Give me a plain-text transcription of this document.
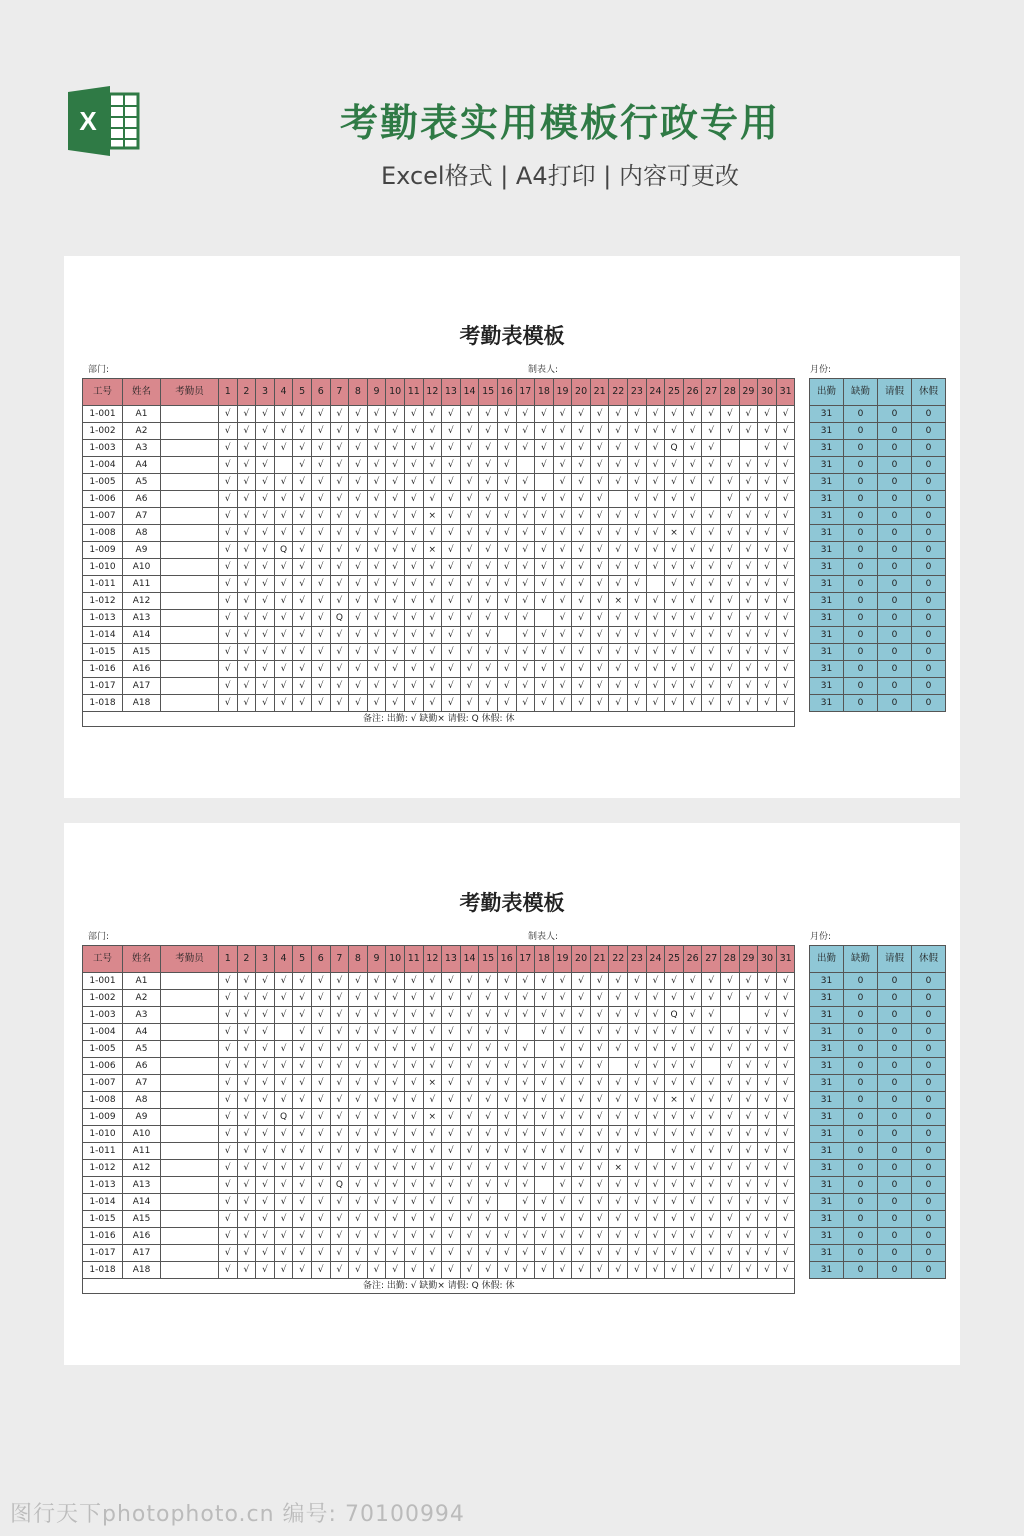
X	考勤表实用模板行政专用
Excel格式 | A4打印 | 内容可更改
考勤表模板
部门:	制表人:	月份:
工号	姓名	考勤员	1	2	3	4	5	6	7	8	9	10	11	12	13	14	15	16	17	18	19	20	21	22	23	24	25	26	27	28	29	30	31
1-001	A1		√	√	√	√	√	√	√	√	√	√	√	√	√	√	√	√	√	√	√	√	√	√	√	√	√	√	√	√	√	√	√
1-002	A2		√	√	√	√	√	√	√	√	√	√	√	√	√	√	√	√	√	√	√	√	√	√	√	√	√	√	√	√	√	√	√
1-003	A3		√	√	√	√	√	√	√	√	√	√	√	√	√	√	√	√	√	√	√	√	√	√	√	√	Q	√	√			√	√
1-004	A4		√	√	√		√	√	√	√	√	√	√	√	√	√	√	√		√	√	√	√	√	√	√	√	√	√	√	√	√	√
1-005	A5		√	√	√	√	√	√	√	√	√	√	√	√	√	√	√	√	√		√	√	√	√	√	√	√	√	√	√	√	√	√
1-006	A6		√	√	√	√	√	√	√	√	√	√	√	√	√	√	√	√	√	√	√	√	√		√	√	√	√		√	√	√	√
1-007	A7		√	√	√	√	√	√	√	√	√	√	√	×	√	√	√	√	√	√	√	√	√	√	√	√	√	√	√	√	√	√	√
1-008	A8		√	√	√	√	√	√	√	√	√	√	√	√	√	√	√	√	√	√	√	√	√	√	√	√	×	√	√	√	√	√	√
1-009	A9		√	√	√	Q	√	√	√	√	√	√	√	×	√	√	√	√	√	√	√	√	√	√	√	√	√	√	√	√	√	√	√
1-010	A10		√	√	√	√	√	√	√	√	√	√	√	√	√	√	√	√	√	√	√	√	√	√	√	√	√	√	√	√	√	√	√
1-011	A11		√	√	√	√	√	√	√	√	√	√	√	√	√	√	√	√	√	√	√	√	√	√	√		√	√	√	√	√	√	√
1-012	A12		√	√	√	√	√	√	√	√	√	√	√	√	√	√	√	√	√	√	√	√	√	×	√	√	√	√	√	√	√	√	√
1-013	A13		√	√	√	√	√	√	Q	√	√	√	√	√	√	√	√	√	√		√	√	√	√	√	√	√	√	√	√	√	√	√
1-014	A14		√	√	√	√	√	√	√	√	√	√	√	√	√	√	√		√	√	√	√	√	√	√	√	√	√	√	√	√	√	√
1-015	A15		√	√	√	√	√	√	√	√	√	√	√	√	√	√	√	√	√	√	√	√	√	√	√	√	√	√	√	√	√	√	√
1-016	A16		√	√	√	√	√	√	√	√	√	√	√	√	√	√	√	√	√	√	√	√	√	√	√	√	√	√	√	√	√	√	√
1-017	A17		√	√	√	√	√	√	√	√	√	√	√	√	√	√	√	√	√	√	√	√	√	√	√	√	√	√	√	√	√	√	√
1-018	A18		√	√	√	√	√	√	√	√	√	√	√	√	√	√	√	√	√	√	√	√	√	√	√	√	√	√	√	√	√	√	√
备注: 出勤: √ 缺勤× 请假: Q 休假: 休																																	
出勤	缺勤	请假	休假
31	0	0	0
31	0	0	0
31	0	0	0
31	0	0	0
31	0	0	0
31	0	0	0
31	0	0	0
31	0	0	0
31	0	0	0
31	0	0	0
31	0	0	0
31	0	0	0
31	0	0	0
31	0	0	0
31	0	0	0
31	0	0	0
31	0	0	0
31	0	0	0
考勤表模板
部门:	制表人:	月份:
工号	姓名	考勤员	1	2	3	4	5	6	7	8	9	10	11	12	13	14	15	16	17	18	19	20	21	22	23	24	25	26	27	28	29	30	31
1-001	A1		√	√	√	√	√	√	√	√	√	√	√	√	√	√	√	√	√	√	√	√	√	√	√	√	√	√	√	√	√	√	√
1-002	A2		√	√	√	√	√	√	√	√	√	√	√	√	√	√	√	√	√	√	√	√	√	√	√	√	√	√	√	√	√	√	√
1-003	A3		√	√	√	√	√	√	√	√	√	√	√	√	√	√	√	√	√	√	√	√	√	√	√	√	Q	√	√			√	√
1-004	A4		√	√	√		√	√	√	√	√	√	√	√	√	√	√	√		√	√	√	√	√	√	√	√	√	√	√	√	√	√
1-005	A5		√	√	√	√	√	√	√	√	√	√	√	√	√	√	√	√	√		√	√	√	√	√	√	√	√	√	√	√	√	√
1-006	A6		√	√	√	√	√	√	√	√	√	√	√	√	√	√	√	√	√	√	√	√	√		√	√	√	√		√	√	√	√
1-007	A7		√	√	√	√	√	√	√	√	√	√	√	×	√	√	√	√	√	√	√	√	√	√	√	√	√	√	√	√	√	√	√
1-008	A8		√	√	√	√	√	√	√	√	√	√	√	√	√	√	√	√	√	√	√	√	√	√	√	√	×	√	√	√	√	√	√
1-009	A9		√	√	√	Q	√	√	√	√	√	√	√	×	√	√	√	√	√	√	√	√	√	√	√	√	√	√	√	√	√	√	√
1-010	A10		√	√	√	√	√	√	√	√	√	√	√	√	√	√	√	√	√	√	√	√	√	√	√	√	√	√	√	√	√	√	√
1-011	A11		√	√	√	√	√	√	√	√	√	√	√	√	√	√	√	√	√	√	√	√	√	√	√		√	√	√	√	√	√	√
1-012	A12		√	√	√	√	√	√	√	√	√	√	√	√	√	√	√	√	√	√	√	√	√	×	√	√	√	√	√	√	√	√	√
1-013	A13		√	√	√	√	√	√	Q	√	√	√	√	√	√	√	√	√	√		√	√	√	√	√	√	√	√	√	√	√	√	√
1-014	A14		√	√	√	√	√	√	√	√	√	√	√	√	√	√	√		√	√	√	√	√	√	√	√	√	√	√	√	√	√	√
1-015	A15		√	√	√	√	√	√	√	√	√	√	√	√	√	√	√	√	√	√	√	√	√	√	√	√	√	√	√	√	√	√	√
1-016	A16		√	√	√	√	√	√	√	√	√	√	√	√	√	√	√	√	√	√	√	√	√	√	√	√	√	√	√	√	√	√	√
1-017	A17		√	√	√	√	√	√	√	√	√	√	√	√	√	√	√	√	√	√	√	√	√	√	√	√	√	√	√	√	√	√	√
1-018	A18		√	√	√	√	√	√	√	√	√	√	√	√	√	√	√	√	√	√	√	√	√	√	√	√	√	√	√	√	√	√	√
备注: 出勤: √ 缺勤× 请假: Q 休假: 休																																	
出勤	缺勤	请假	休假
31	0	0	0
31	0	0	0
31	0	0	0
31	0	0	0
31	0	0	0
31	0	0	0
31	0	0	0
31	0	0	0
31	0	0	0
31	0	0	0
31	0	0	0
31	0	0	0
31	0	0	0
31	0	0	0
31	0	0	0
31	0	0	0
31	0	0	0
31	0	0	0
图行天下photophoto.cn 编号: 70100994
